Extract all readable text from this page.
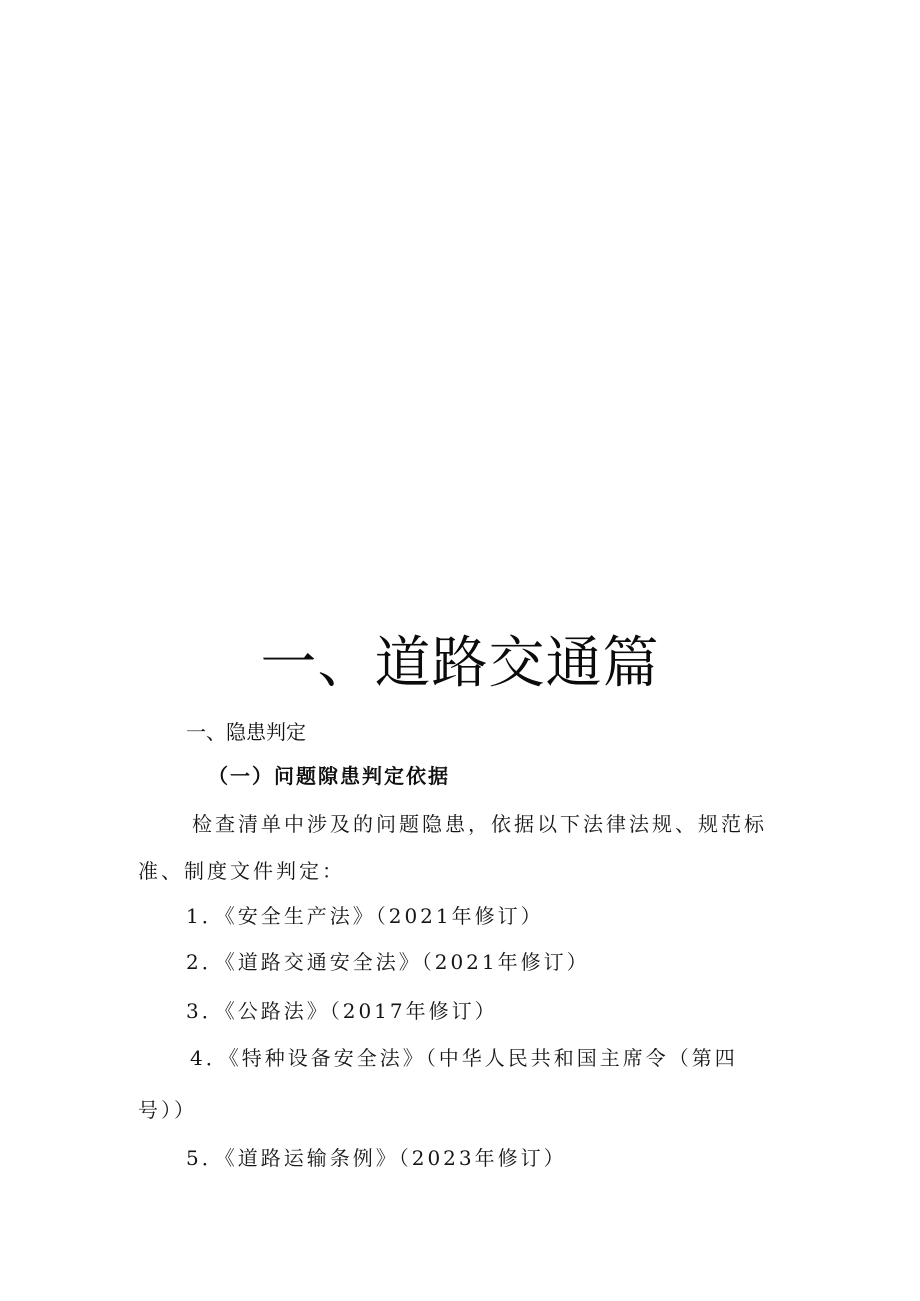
一、道路交通篇
一、隐患判定
（一）问题隙患判定依据
检查清单中涉及的问题隐患，依据以下法律法规、规范标
准、制度文件判定：
1．《安全生产法》（2021年修订）
2．《道路交通安全法》（2021年修订）
3．《公路法》（2017年修订）
4．《特种设备安全法》（中华人民共和国主席令（第四
号））
5．《道路运输条例》（2023年修订）
